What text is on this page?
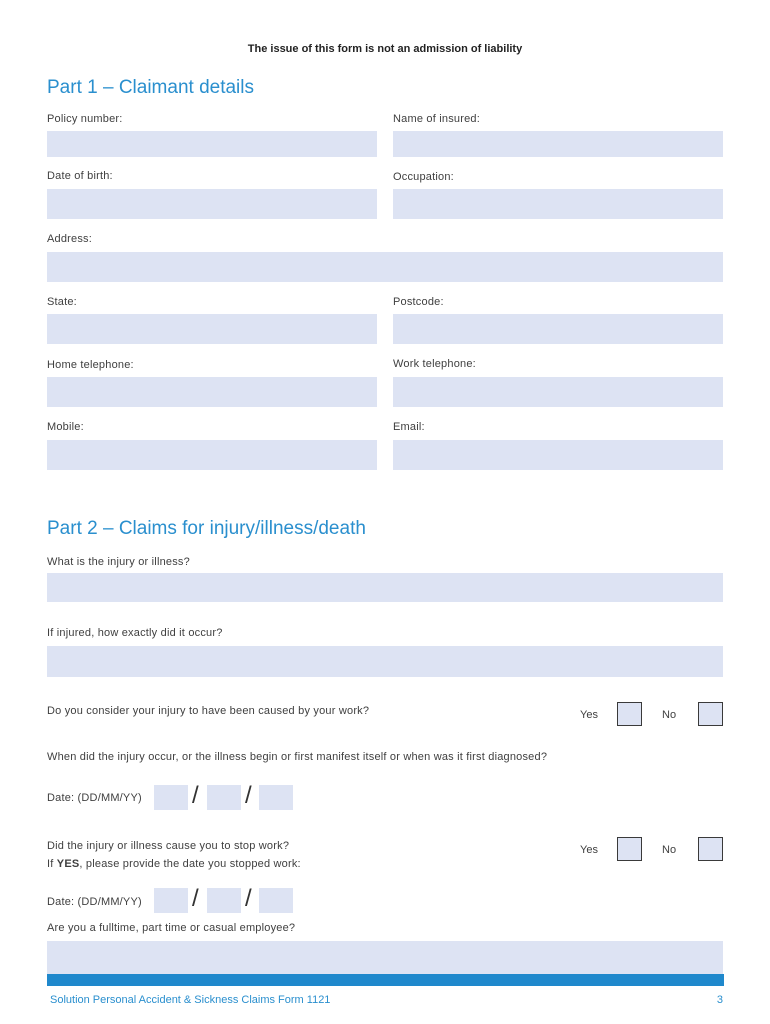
The issue of this form is not an admission of liability
Part 1 – Claimant details
Policy number:	Name of insured:
Date of birth:	Occupation:
Address:
State:	Postcode:
Home telephone:	Work telephone:
Mobile:	Email:
Part 2 – Claims for injury/illness/death
What is the injury or illness?
If injured, how exactly did it occur?
Do you consider your injury to have been caused by your work?	Yes	No
When did the injury occur, or the illness begin or first manifest itself or when was it first diagnosed?
Date: (DD/MM/YY) / /
Did the injury or illness cause you to stop work?
If YES, please provide the date you stopped work:
Yes	No
Date: (DD/MM/YY) / /
Are you a fulltime, part time or casual employee?
Solution Personal Accident & Sickness Claims Form 1121	3
